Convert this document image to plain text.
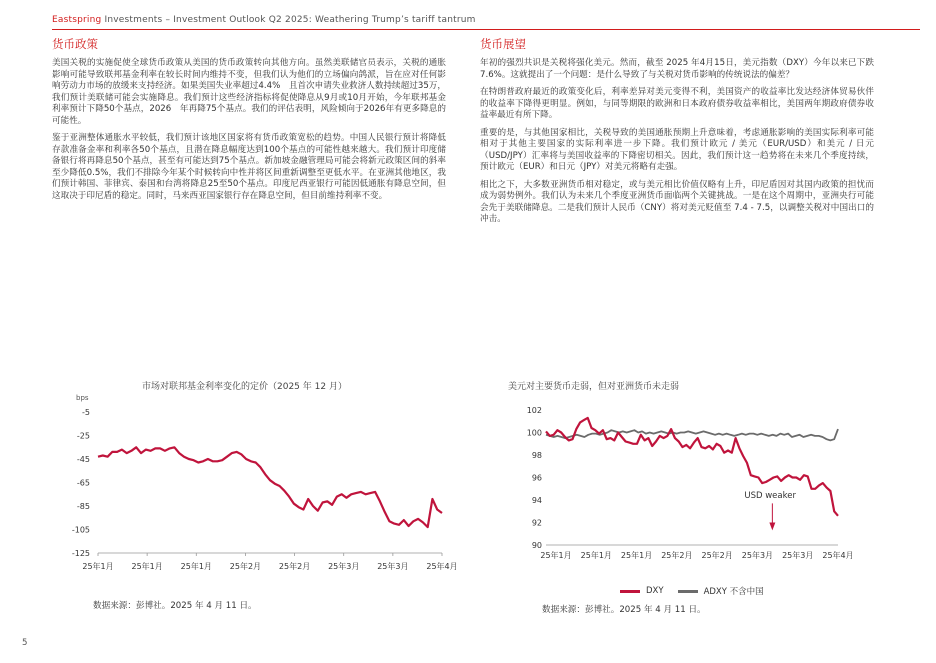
Eastspring Investments – Investment Outlook Q2 2025: Weathering Trump’s tariff tantrum
货币政策

美国关税的实施促使全球货币政策从美国的货币政策转向其他方向。虽然美联储官员表示，关税的通胀影响可能导致联邦基金利率在较长时间内维持不变，但我们认为他们的立场偏向鸽派，旨在应对任何影响劳动力市场的放缓来支持经济。如果美国失业率超过4.4%　且首次申请失业救济人数持续超过35万，我们预计美联储可能会实施降息。我们预计这些经济指标将促使降息从9月或10月开始，今年联邦基金利率预计下降50个基点，2026　年再降75个基点。我们的评估表明，风险倾向于2026年有更多降息的可能性。

鉴于亚洲整体通胀水平较低，我们预计该地区国家将有货币政策宽松的趋势。中国人民银行预计将降低存款准备金率和利率各50个基点，且潜在降息幅度达到100个基点的可能性越来越大。我们预计印度储备银行将再降息50个基点，甚至有可能达到75个基点。新加坡金融管理局可能会将新元政策区间的斜率至少降低0.5%，我们不排除今年某个时候转向中性并将区间重新调整至更低水平。在亚洲其他地区，我们预计韩国、菲律宾、泰国和台湾将降息25至50个基点。印度尼西亚银行可能因低通胀有降息空间，但这取决于印尼盾的稳定。同时，马来西亚国家银行存在降息空间，但目前维持利率不变。

货币展望

年初的强烈共识是关税将强化美元。然而，截至 2025 年4月15日，美元指数（DXY）今年以来已下跌 7.6%。这就提出了一个问题：是什么导致了与关税对货币影响的传统说法的偏差？

在特朗普政府最近的政策变化后，利率差异对美元变得不利，美国资产的收益率比发达经济体贸易伙伴的收益率下降得更明显。例如，与同等期限的欧洲和日本政府债券收益率相比，美国两年期政府债券收益率最近有所下降。

重要的是，与其他国家相比，关税导致的美国通胀预期上升意味着，考虑通胀影响的美国实际利率可能相对于其他主要国家的实际利率进一步下降。我们预计欧元 / 美元（EUR/USD）和美元 / 日元（USD/JPY）汇率将与美国收益率的下降密切相关。因此，我们预计这一趋势将在未来几个季度持续，预计欧元（EUR）和日元（JPY）对美元将略有走强。

相比之下，大多数亚洲货币相对稳定，或与美元相比价值仅略有上升，印尼盾因对其国内政策的担忧而成为弱势例外。我们认为未来几个季度亚洲货币面临两个关键挑战。一是在这个周期中，亚洲央行可能会先于美联储降息。二是我们预计人民币（CNY）将对美元贬值至 7.4 - 7.5，以调整关税对中国出口的冲击。

市场对联邦基金利率变化的定价（2025 年 12 月）
bps
-5
-25
-45
-65
-85
-105
-125
25年1月 25年1月 25年1月 25年2月 25年2月 25年3月 25年3月 25年4月
数据来源：彭博社。2025 年 4 月 11 日。
美元对主要货币走弱，但对亚洲货币未走弱
102
100
98
96
94
92
90
25年1月 25年1月 25年1月 25年2月 25年2月 25年3月 25年3月 25年4月
USD weaker
DXY	ADXY 不含中国
数据来源：彭博社。2025 年 4 月 11 日。
5
